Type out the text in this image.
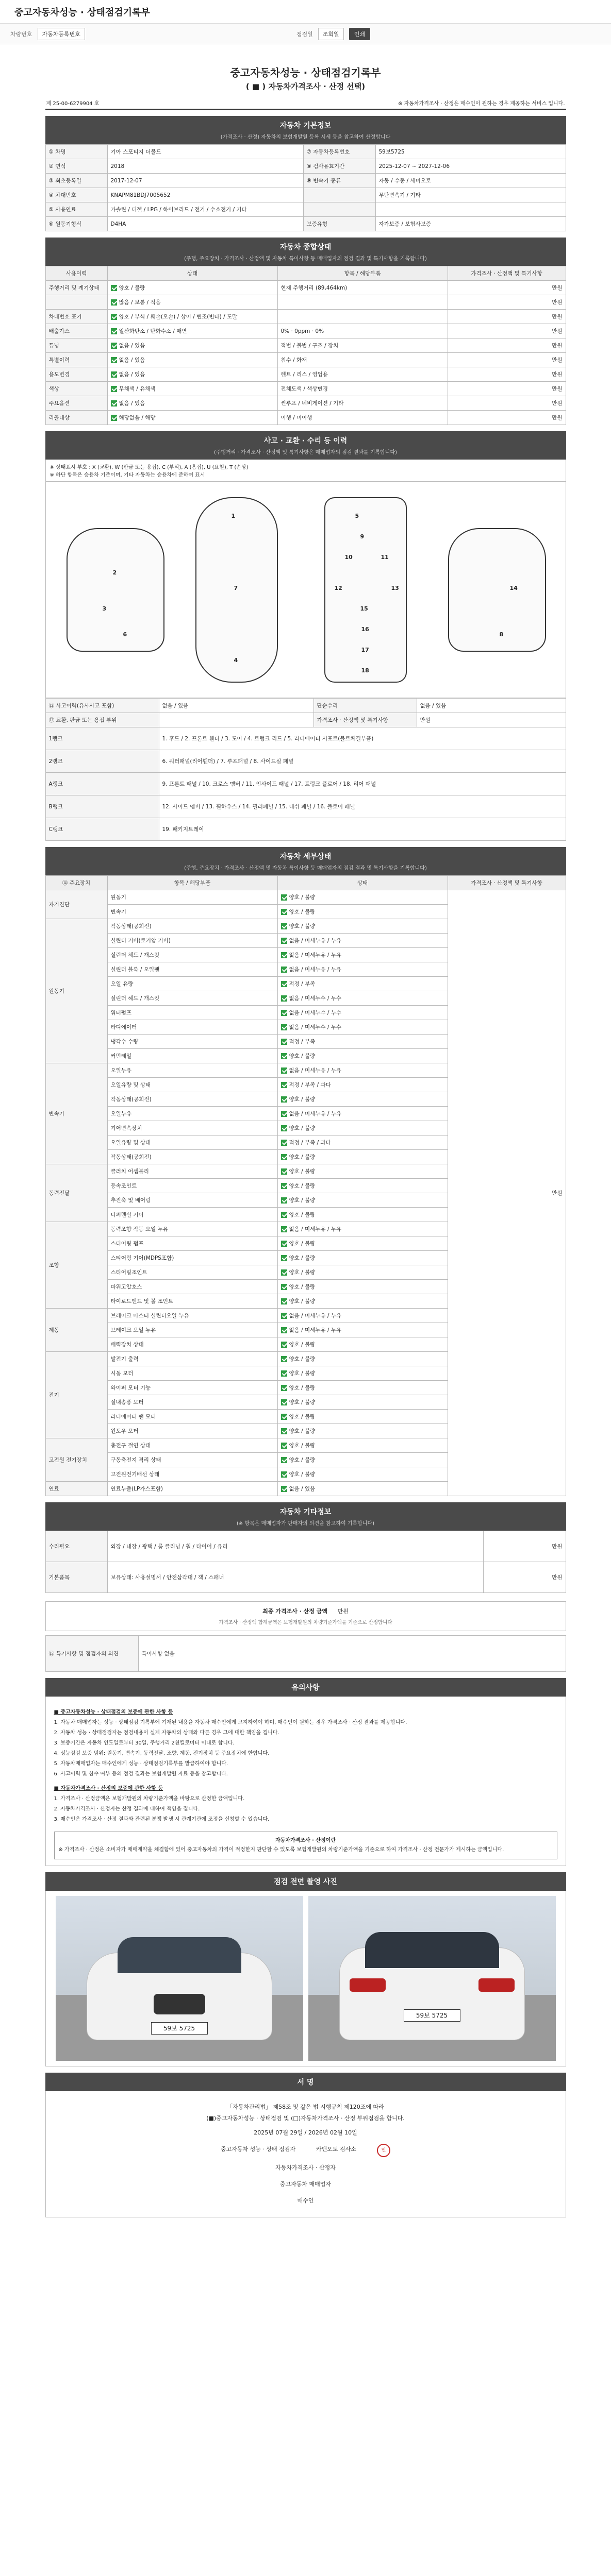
중고자동차성능 · 상태점검기록부
차량번호	자동차등록번호	점검일	조회일	인쇄
중고자동차성능 · 상태점검기록부
( ■ ) 자동차가격조사 · 산정 선택)
제 25-00-6279904 호	※ 자동차가격조사 · 산정은 매수인이 원하는 경우 제공하는 서비스 입니다.
자동차 기본정보
(가격조사 · 산정) 자동차의 보험개발원 등록 시세 등을 참고하여 산정합니다
① 차명	기아 스포티지 더볼드	⑦ 자동차등록번호	59보5725
② 연식	2018	⑧ 검사유효기간	2025-12-07 ~ 2027-12-06
③ 최초등록일	2017-12-07	⑨ 변속기 종류	자동 / 수동 / 세미오토
④ 차대번호	KNAPM81BDJ7005652		무단변속기 / 기타
⑤ 사용연료	가솔린 / 디젤 / LPG / 하이브리드 / 전기 / 수소전기 / 기타		
⑥ 원동기형식	D4HA	보증유형	자가보증 / 보험사보증
자동차 종합상태
(주행, 주요장치 · 가격조사 · 산정액 및 자동차 특이사항 등 매매업자의 점검 결과 및 특기사항을 기록합니다)
사용이력	상태	항목 / 해당부품	가격조사 · 산정액 및 특기사항
주행거리 및 계기상태	양호 / 불량	현재 주행거리 (89,464km)	만원
	많음 / 보통 / 적음		만원
차대번호 표기	양호 / 부식 / 훼손(오손) / 상이 / 변조(변타) / 도말		만원
배출가스	일산화탄소 / 탄화수소 / 매연	0% · 0ppm · 0%	만원
튜닝	없음 / 있음	적법 / 불법 / 구조 / 장치	만원
특별이력	없음 / 있음	침수 / 화재	만원
용도변경	없음 / 있음	렌트 / 리스 / 영업용	만원
색상	무채색 / 유채색	전체도색 / 색상변경	만원
주요옵션	없음 / 있음	썬루프 / 네비게이션 / 기타	만원
리콜대상	해당없음 / 해당	이행 / 미이행	만원
사고 · 교환 · 수리 등 이력
(주행거리 · 가격조사 · 산정액 및 특기사항은 매매업자의 점검 결과를 기록합니다)
※ 상태표시 부호 : X (교환), W (판금 또는 용접), C (부식), A (흠집), U (요철), T (손상)
※ 하단 항목은 승용차 기준이며, 기타 자동차는 승용차에 준하여 표시
1
2
3
4
5
6
7
8
9
10	11
12	13	14
15
16
17
18
⑫ 사고이력(유사사고 포함)	없음 / 있음	단순수리	없음 / 있음
⑬ 교환, 판금 또는 용접 부위		가격조사 · 산정액 및 특기사항	만원
1랭크	1. 후드 / 2. 프론트 휀더 / 3. 도어 / 4. 트렁크 리드 / 5. 라디에이터 서포트(볼트체결부품)		
2랭크	6. 쿼터패널(리어휀더) / 7. 루프패널 / 8. 사이드실 패널		
A랭크	9. 프론트 패널 / 10. 크로스 멤버 / 11. 인사이드 패널 / 17. 트렁크 플로어 / 18. 리어 패널		
B랭크	12. 사이드 멤버 / 13. 휠하우스 / 14. 필러패널 / 15. 대쉬 패널 / 16. 플로어 패널		
C랭크	19. 패키지트레이		
자동차 세부상태
(주행, 주요장치 · 가격조사 · 산정액 및 자동차 특이사항 등 매매업자의 점검 결과 및 특기사항을 기록합니다)
⑭ 주요장치	항목 / 해당부품	상태	가격조사 · 산정액 및 특기사항
자기진단	원동기	양호 / 불량	만원
	변속기	양호 / 불량	
원동기	작동상태(공회전)	양호 / 불량	
	실린더 커버(로커암 커버)	없음 / 미세누유 / 누유	
	실린더 헤드 / 개스킷	없음 / 미세누유 / 누유	
	실린더 블록 / 오일팬	없음 / 미세누유 / 누유	
	오일 유량	적정 / 부족	
	실린더 헤드 / 개스킷	없음 / 미세누수 / 누수	
	워터펌프	없음 / 미세누수 / 누수	
	라디에이터	없음 / 미세누수 / 누수	
	냉각수 수량	적정 / 부족	
	커먼레일	양호 / 불량	
변속기	오일누유	없음 / 미세누유 / 누유	
	오일유량 및 상태	적정 / 부족 / 과다	
	작동상태(공회전)	양호 / 불량	
	오일누유	없음 / 미세누유 / 누유	
	기어변속장치	양호 / 불량	
	오일유량 및 상태	적정 / 부족 / 과다	
	작동상태(공회전)	양호 / 불량	
동력전달	클러치 어셈블리	양호 / 불량	
	등속조인트	양호 / 불량	
	추진축 및 베어링	양호 / 불량	
	디퍼렌셜 기어	양호 / 불량	
조향	동력조향 작동 오일 누유	없음 / 미세누유 / 누유	
	스티어링 펌프	양호 / 불량	
	스티어링 기어(MDPS포함)	양호 / 불량	
	스티어링조인트	양호 / 불량	
	파워고압호스	양호 / 불량	
	타이로드엔드 및 볼 조인트	양호 / 불량	
제동	브레이크 마스터 실린더오일 누유	없음 / 미세누유 / 누유	
	브레이크 오일 누유	없음 / 미세누유 / 누유	
	배력장치 상태	양호 / 불량	
전기	발전기 출력	양호 / 불량	
	시동 모터	양호 / 불량	
	와이퍼 모터 기능	양호 / 불량	
	실내송풍 모터	양호 / 불량	
	라디에이터 팬 모터	양호 / 불량	
	윈도우 모터	양호 / 불량	
고전원 전기장치	충전구 절연 상태	양호 / 불량	
	구동축전지 격리 상태	양호 / 불량	
	고전원전기배선 상태	양호 / 불량	
연료	연료누출(LP가스포함)	없음 / 있음	
자동차 기타정보
(※ 항목은 매매업자가 판매자의 의견을 참고하여 기록합니다)
수리필요	외장 / 내장 / 광택 / 룸 클리닝 / 휠 / 타이어 / 유리	만원
기본품목	보유상태: 사용설명서 / 안전삼각대 / 잭 / 스패너	만원
최종 가격조사 · 산정 금액 만원
가격조사 · 산정액 합계금액은 보험개발원의 차량기준가액을 기준으로 산정합니다
⑮ 특기사항 및 점검자의 의견	특이사항 없음
유의사항

■ 중고자동차성능 · 상태점검의 보증에 관한 사항 등

1. 자동차 매매업자는 성능 · 상태점검 기록부에 기재된 내용을 자동차 매수인에게 고지하여야 하며, 매수인이 원하는 경우 가격조사 · 산정 결과를 제공합니다.

2. 자동차 성능 · 상태점검자는 점검내용이 실제 자동차의 상태와 다른 경우 그에 대한 책임을 집니다.

3. 보증기간은 자동차 인도일로부터 30일, 주행거리 2천킬로미터 이내로 합니다.

4. 성능점검 보증 범위: 원동기, 변속기, 동력전달, 조향, 제동, 전기장치 등 주요장치에 한합니다.

5. 자동차매매업자는 매수인에게 성능 · 상태점검기록부를 발급하여야 합니다.

6. 사고이력 및 침수 여부 등의 점검 결과는 보험개발원 자료 등을 참고합니다.

■ 자동차가격조사 · 산정의 보증에 관한 사항 등

1. 가격조사 · 산정금액은 보험개발원의 차량기준가액을 바탕으로 산정한 금액입니다.

2. 자동차가격조사 · 산정자는 산정 결과에 대하여 책임을 집니다.

3. 매수인은 가격조사 · 산정 결과와 관련된 분쟁 발생 시 관계기관에 조정을 신청할 수 있습니다.

자동차가격조사 · 산정이란
※ 가격조사 · 산정은 소비자가 매매계약을 체결함에 있어 중고자동차의 가격이 적정한지 판단할 수 있도록 보험개발원의 차량기준가액을 기준으로 하여 가격조사 · 산정 전문가가 제시하는 금액입니다.
점검 전면 촬영 사진
59보 5725
59보 5725
서 명
「자동차관리법」 제58조 및 같은 법 시행규칙 제120조에 따라
(■)중고자동차성능 · 상태점검 및 (□)자동차가격조사 · 산정 부위점검을 합니다.
2025년 07월 29일 / 2026년 02월 10일
중고자동차 성능 · 상태 점검자	카앤오토 검사소	인
자동차가격조사 · 산정자
중고자동차 매매업자
매수인
